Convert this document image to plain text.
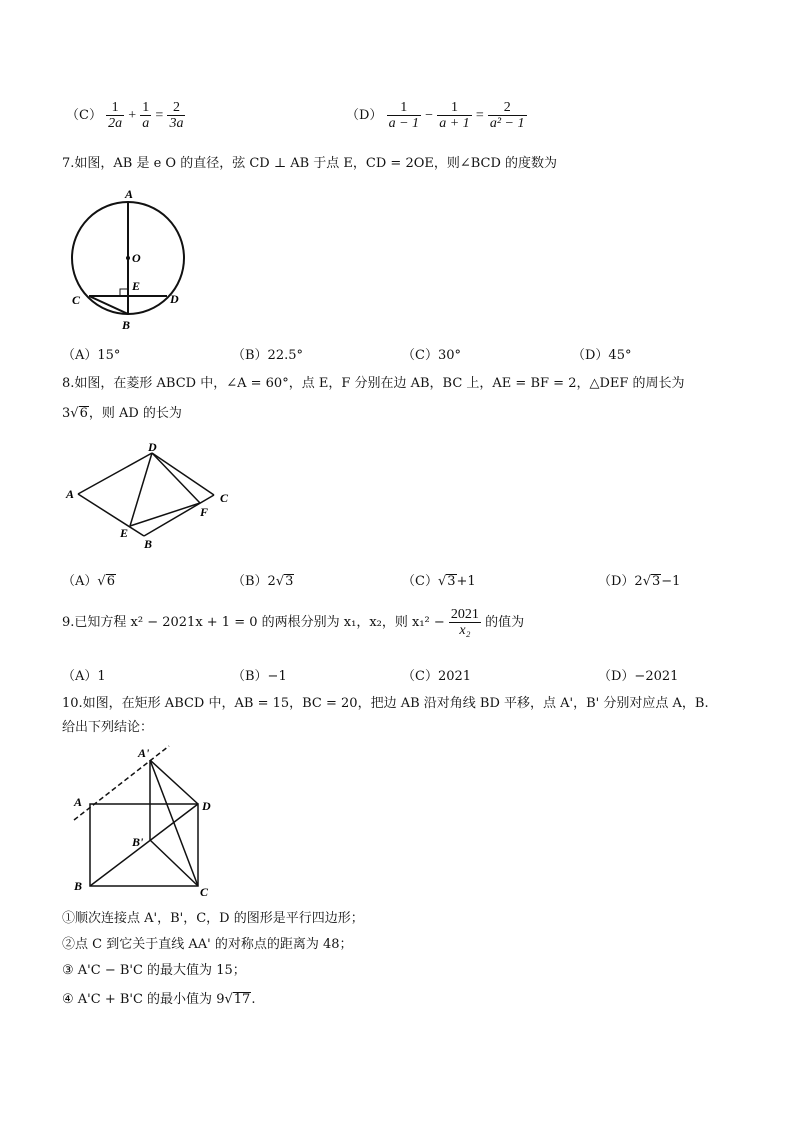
$(C) \frac{1}{2a} + \frac{1}{a} = \frac{2}{3a}$	$(D) \frac{1}{a - 1} - \frac{1}{a + 1} = \frac{2}{\text{a² − 1}}$
7.如图，AB 是 e O 的直径，弦 CD ⊥ AB 于点 E，CD = 2OE，则∠BCD 的度数为
A
O
E
C	D
B
（A）15°	（B）22.5°	（C）30°	（D）45°
8.如图，在菱形 ABCD 中，∠A = 60°，点 E，F 分别在边 AB，BC 上，AE = BF = 2，△DEF 的周长为
3√6，则 AD 的长为
D
A	C
F
E
B
（A）√6	（B）2√3	（C）√3+1	（D）2√3−1
9.已知方程 x² − 2021x + 1 = 0 的两根分别为 x₁，x₂，则 $x_1^2 - \frac{2021}{\text{x₂}}$ 的值为
（A）1	（B）−1	（C）2021	（D）−2021
10.如图，在矩形 ABCD 中，AB = 15，BC = 20，把边 AB 沿对角线 BD 平移，点 A'，B' 分别对应点 A，B.
给出下列结论：
A'
A	D
B'
B	C
①顺次连接点 A'，B'，C，D 的图形是平行四边形；
②点 C 到它关于直线 AA' 的对称点的距离为 48；
③ A'C − B'C 的最大值为 15；
④ A'C + B'C 的最小值为 9√17.
